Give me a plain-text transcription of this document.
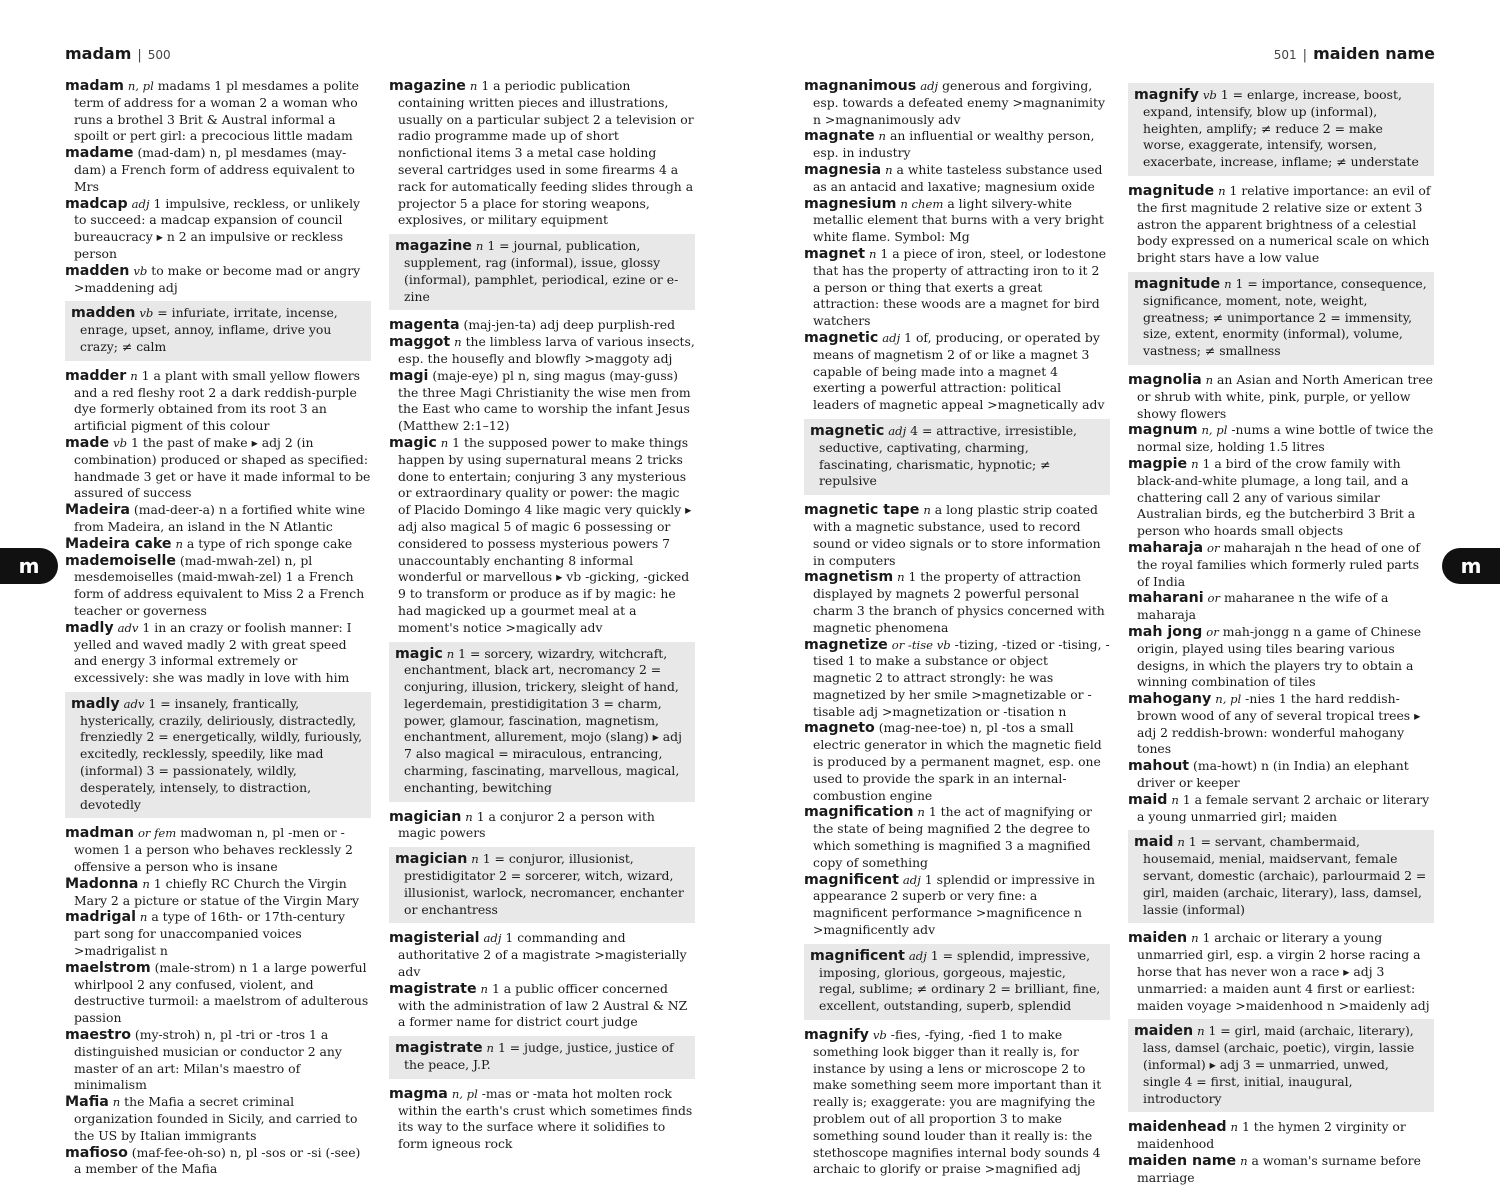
madam | 500	501 | maiden name
madam n, pl madams 1 pl mesdames a polite term of address for a woman 2 a woman who runs a brothel 3 Brit & Austral informal a spoilt or pert girl: a precocious little madam
madame (mad-dam) n, pl mesdames (may-dam) a French form of address equivalent to Mrs
madcap adj 1 impulsive, reckless, or unlikely to succeed: a madcap expansion of council bureaucracy ▸ n 2 an impulsive or reckless person
madden vb to make or become mad or angry >maddening adj
madden vb = infuriate, irritate, incense, enrage, upset, annoy, inflame, drive you crazy; ≠ calm
madder n 1 a plant with small yellow flowers and a red fleshy root 2 a dark reddish-purple dye formerly obtained from its root 3 an artificial pigment of this colour
made vb 1 the past of make ▸ adj 2 (in combination) produced or shaped as specified: handmade 3 get or have it made informal to be assured of success
Madeira (mad-deer-a) n a fortified white wine from Madeira, an island in the N Atlantic
Madeira cake n a type of rich sponge cake
mademoiselle (mad-mwah-zel) n, pl mesdemoiselles (maid-mwah-zel) 1 a French form of address equivalent to Miss 2 a French teacher or governess
madly adv 1 in an crazy or foolish manner: I yelled and waved madly 2 with great speed and energy 3 informal extremely or excessively: she was madly in love with him
madly adv 1 = insanely, frantically, hysterically, crazily, deliriously, distractedly, frenziedly 2 = energetically, wildly, furiously, excitedly, recklessly, speedily, like mad (informal) 3 = passionately, wildly, desperately, intensely, to distraction, devotedly
madman or fem madwoman n, pl -men or -women 1 a person who behaves recklessly 2 offensive a person who is insane
Madonna n 1 chiefly RC Church the Virgin Mary 2 a picture or statue of the Virgin Mary
madrigal n a type of 16th- or 17th-century part song for unaccompanied voices >madrigalist n
maelstrom (male-strom) n 1 a large powerful whirlpool 2 any confused, violent, and destructive turmoil: a maelstrom of adulterous passion
maestro (my-stroh) n, pl -tri or -tros 1 a distinguished musician or conductor 2 any master of an art: Milan's maestro of minimalism
Mafia n the Mafia a secret criminal organization founded in Sicily, and carried to the US by Italian immigrants
mafioso (maf-fee-oh-so) n, pl -sos or -si (-see) a member of the Mafia
magazine n 1 a periodic publication containing written pieces and illustrations, usually on a particular subject 2 a television or radio programme made up of short nonfictional items 3 a metal case holding several cartridges used in some firearms 4 a rack for automatically feeding slides through a projector 5 a place for storing weapons, explosives, or military equipment
magazine n 1 = journal, publication, supplement, rag (informal), issue, glossy (informal), pamphlet, periodical, ezine or e-zine
magenta (maj-jen-ta) adj deep purplish-red
maggot n the limbless larva of various insects, esp. the housefly and blowfly >maggoty adj
magi (maje-eye) pl n, sing magus (may-guss) the three Magi Christianity the wise men from the East who came to worship the infant Jesus (Matthew 2:1–12)
magic n 1 the supposed power to make things happen by using supernatural means 2 tricks done to entertain; conjuring 3 any mysterious or extraordinary quality or power: the magic of Placido Domingo 4 like magic very quickly ▸ adj also magical 5 of magic 6 possessing or considered to possess mysterious powers 7 unaccountably enchanting 8 informal wonderful or marvellous ▸ vb -gicking, -gicked 9 to transform or produce as if by magic: he had magicked up a gourmet meal at a moment's notice >magically adv
magic n 1 = sorcery, wizardry, witchcraft, enchantment, black art, necromancy 2 = conjuring, illusion, trickery, sleight of hand, legerdemain, prestidigitation 3 = charm, power, glamour, fascination, magnetism, enchantment, allurement, mojo (slang) ▸ adj 7 also magical = miraculous, entrancing, charming, fascinating, marvellous, magical, enchanting, bewitching
magician n 1 a conjuror 2 a person with magic powers
magician n 1 = conjuror, illusionist, prestidigitator 2 = sorcerer, witch, wizard, illusionist, warlock, necromancer, enchanter or enchantress
magisterial adj 1 commanding and authoritative 2 of a magistrate >magisterially adv
magistrate n 1 a public officer concerned with the administration of law 2 Austral & NZ a former name for district court judge
magistrate n 1 = judge, justice, justice of the peace, J.P.
magma n, pl -mas or -mata hot molten rock within the earth's crust which sometimes finds its way to the surface where it solidifies to form igneous rock
magnanimous adj generous and forgiving, esp. towards a defeated enemy >magnanimity n >magnanimously adv
magnate n an influential or wealthy person, esp. in industry
magnesia n a white tasteless substance used as an antacid and laxative; magnesium oxide
magnesium n chem a light silvery-white metallic element that burns with a very bright white flame. Symbol: Mg
magnet n 1 a piece of iron, steel, or lodestone that has the property of attracting iron to it 2 a person or thing that exerts a great attraction: these woods are a magnet for bird watchers
magnetic adj 1 of, producing, or operated by means of magnetism 2 of or like a magnet 3 capable of being made into a magnet 4 exerting a powerful attraction: political leaders of magnetic appeal >magnetically adv
magnetic adj 4 = attractive, irresistible, seductive, captivating, charming, fascinating, charismatic, hypnotic; ≠ repulsive
magnetic tape n a long plastic strip coated with a magnetic substance, used to record sound or video signals or to store information in computers
magnetism n 1 the property of attraction displayed by magnets 2 powerful personal charm 3 the branch of physics concerned with magnetic phenomena
magnetize or -tise vb -tizing, -tized or -tising, -tised 1 to make a substance or object magnetic 2 to attract strongly: he was magnetized by her smile >magnetizable or -tisable adj >magnetization or -tisation n
magneto (mag-nee-toe) n, pl -tos a small electric generator in which the magnetic field is produced by a permanent magnet, esp. one used to provide the spark in an internal-combustion engine
magnification n 1 the act of magnifying or the state of being magnified 2 the degree to which something is magnified 3 a magnified copy of something
magnificent adj 1 splendid or impressive in appearance 2 superb or very fine: a magnificent performance >magnificence n >magnificently adv
magnificent adj 1 = splendid, impressive, imposing, glorious, gorgeous, majestic, regal, sublime; ≠ ordinary 2 = brilliant, fine, excellent, outstanding, superb, splendid
magnify vb -fies, -fying, -fied 1 to make something look bigger than it really is, for instance by using a lens or microscope 2 to make something seem more important than it really is; exaggerate: you are magnifying the problem out of all proportion 3 to make something sound louder than it really is: the stethoscope magnifies internal body sounds 4 archaic to glorify or praise >magnified adj
magnify vb 1 = enlarge, increase, boost, expand, intensify, blow up (informal), heighten, amplify; ≠ reduce 2 = make worse, exaggerate, intensify, worsen, exacerbate, increase, inflame; ≠ understate
magnitude n 1 relative importance: an evil of the first magnitude 2 relative size or extent 3 astron the apparent brightness of a celestial body expressed on a numerical scale on which bright stars have a low value
magnitude n 1 = importance, consequence, significance, moment, note, weight, greatness; ≠ unimportance 2 = immensity, size, extent, enormity (informal), volume, vastness; ≠ smallness
magnolia n an Asian and North American tree or shrub with white, pink, purple, or yellow showy flowers
magnum n, pl -nums a wine bottle of twice the normal size, holding 1.5 litres
magpie n 1 a bird of the crow family with black-and-white plumage, a long tail, and a chattering call 2 any of various similar Australian birds, eg the butcherbird 3 Brit a person who hoards small objects
maharaja or maharajah n the head of one of the royal families which formerly ruled parts of India
maharani or maharanee n the wife of a maharaja
mah jong or mah-jongg n a game of Chinese origin, played using tiles bearing various designs, in which the players try to obtain a winning combination of tiles
mahogany n, pl -nies 1 the hard reddish-brown wood of any of several tropical trees ▸ adj 2 reddish-brown: wonderful mahogany tones
mahout (ma-howt) n (in India) an elephant driver or keeper
maid n 1 a female servant 2 archaic or literary a young unmarried girl; maiden
maid n 1 = servant, chambermaid, housemaid, menial, maidservant, female servant, domestic (archaic), parlourmaid 2 = girl, maiden (archaic, literary), lass, damsel, lassie (informal)
maiden n 1 archaic or literary a young unmarried girl, esp. a virgin 2 horse racing a horse that has never won a race ▸ adj 3 unmarried: a maiden aunt 4 first or earliest: maiden voyage >maidenhood n >maidenly adj
maiden n 1 = girl, maid (archaic, literary), lass, damsel (archaic, poetic), virgin, lassie (informal) ▸ adj 3 = unmarried, unwed, single 4 = first, initial, inaugural, introductory
maidenhead n 1 the hymen 2 virginity or maidenhood
maiden name n a woman's surname before marriage
m	m
